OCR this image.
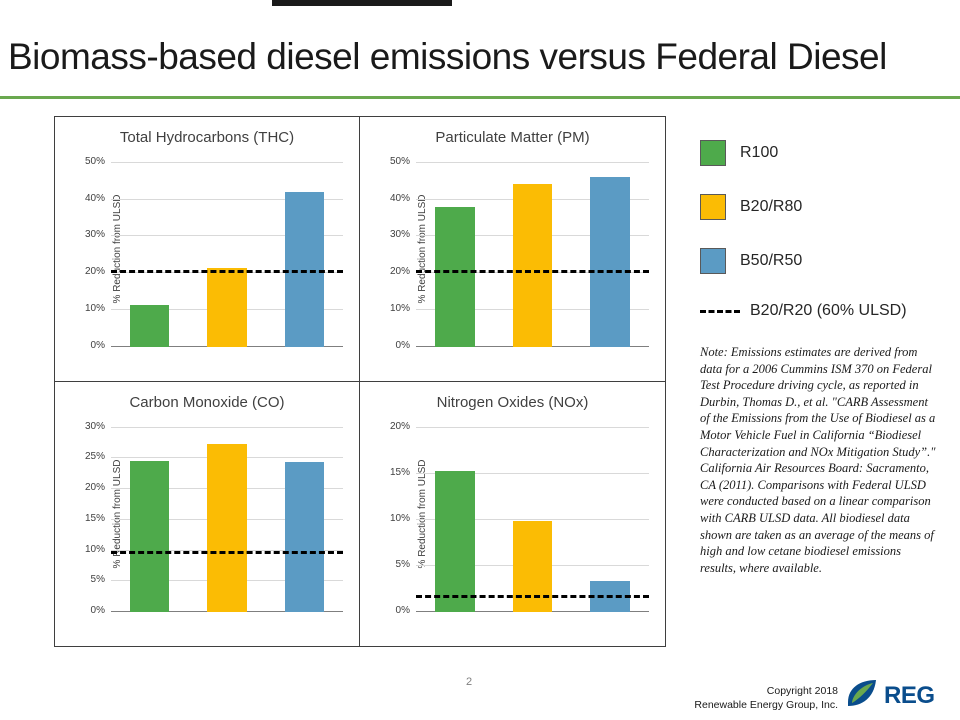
Biomass-based diesel emissions versus Federal Diesel
Total Hydrocarbons (THC)
% Reduction from ULSD
0%
10%
20%
30%
40%
50%
Particulate Matter (PM)
% Reduction from ULSD
0%
10%
20%
30%
40%
50%
Carbon Monoxide (CO)
% Reduction from ULSD
0%
5%
10%
15%
20%
25%
30%
Nitrogen Oxides (NOx)
% Reduction from ULSD
0%
5%
10%
15%
20%
R100
B20/R80
B50/R50
B20/R20 (60% ULSD)
Note: Emissions estimates are derived from data for a 2006 Cummins ISM 370 on Federal Test Procedure driving cycle, as reported in Durbin, Thomas D., et al. "CARB Assessment of the Emissions from the Use of Biodiesel as a Motor Vehicle Fuel in California “Biodiesel Characterization and NOx Mitigation Study”." California Air Resources Board: Sacramento, CA (2011). Comparisons with Federal ULSD were conducted based on a linear comparison with CARB ULSD data. All biodiesel data shown are taken as an average of the means of high and low cetane biodiesel emissions results, where available.
2
Copyright 2018
Renewable Energy Group, Inc. REG
